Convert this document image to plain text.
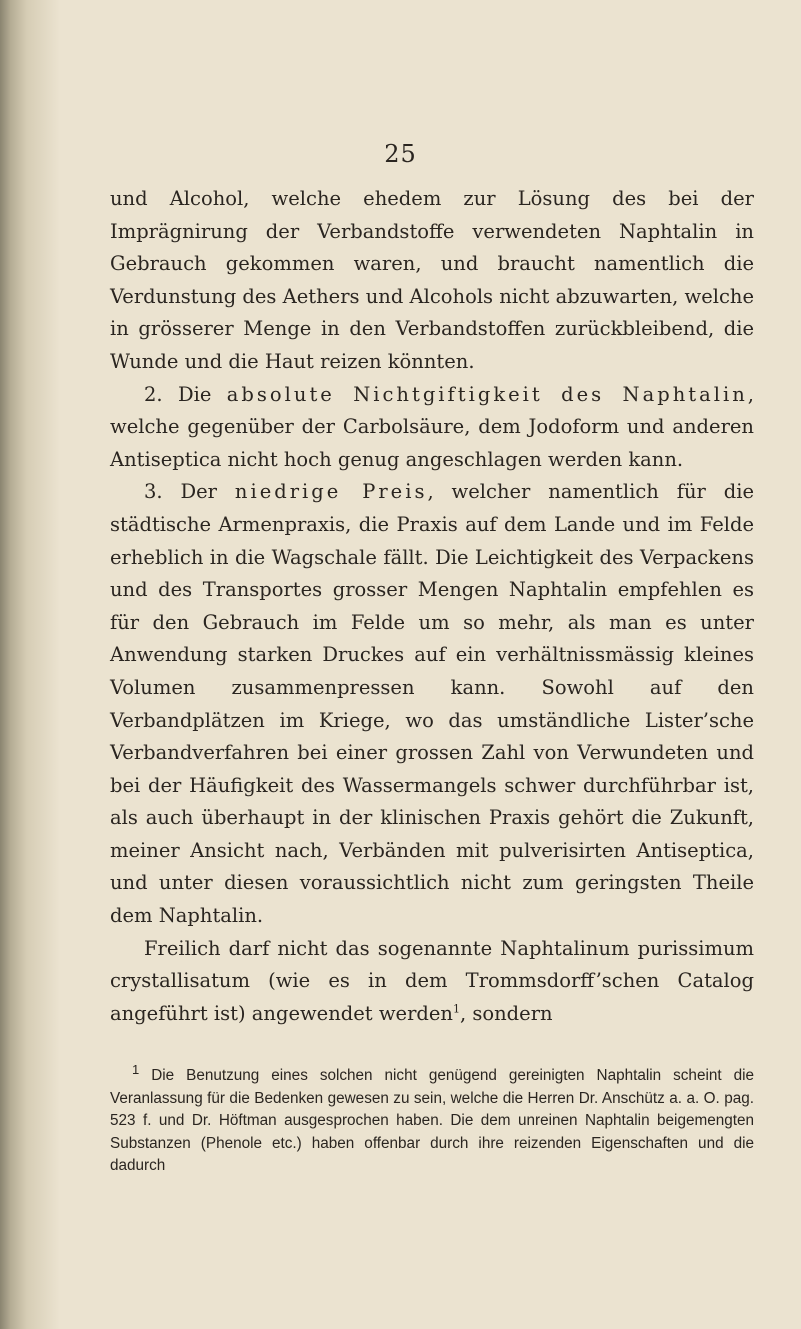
25

und Alcohol, welche ehedem zur Lösung des bei der Imprägnirung der Verbandstoffe verwendeten Naphtalin in Gebrauch gekommen waren, und braucht namentlich die Verdunstung des Aethers und Alcohols nicht abzuwarten, welche in grösserer Menge in den Verbandstoffen zurückbleibend, die Wunde und die Haut reizen könnten.

2. Die absolute Nichtgiftigkeit des Naphtalin, welche gegenüber der Carbolsäure, dem Jodoform und anderen Antiseptica nicht hoch genug angeschlagen werden kann.

3. Der niedrige Preis, welcher namentlich für die städtische Armenpraxis, die Praxis auf dem Lande und im Felde erheblich in die Wagschale fällt. Die Leichtigkeit des Verpackens und des Transportes grosser Mengen Naphtalin empfehlen es für den Gebrauch im Felde um so mehr, als man es unter Anwendung starken Druckes auf ein verhältnissmässig kleines Volumen zusammenpressen kann. Sowohl auf den Verbandplätzen im Kriege, wo das umständliche Lister’sche Verbandverfahren bei einer grossen Zahl von Verwundeten und bei der Häufigkeit des Wassermangels schwer durchführbar ist, als auch überhaupt in der klinischen Praxis gehört die Zukunft, meiner Ansicht nach, Verbänden mit pulverisirten Antiseptica, und unter diesen voraussichtlich nicht zum geringsten Theile dem Naphtalin.

Freilich darf nicht das sogenannte Naphtalinum purissimum crystallisatum (wie es in dem Trommsdorff’schen Catalog angeführt ist) angewendet werden$^1$, sondern

$^1$ Die Benutzung eines solchen nicht genügend gereinigten Naphtalin scheint die Veranlassung für die Bedenken gewesen zu sein, welche die Herren Dr. Anschütz a. a. O. pag. 523 f. und Dr. Höftman ausgesprochen haben. Die dem unreinen Naphtalin beigemengten Substanzen (Phenole etc.) haben offenbar durch ihre reizenden Eigenschaften und die dadurch
